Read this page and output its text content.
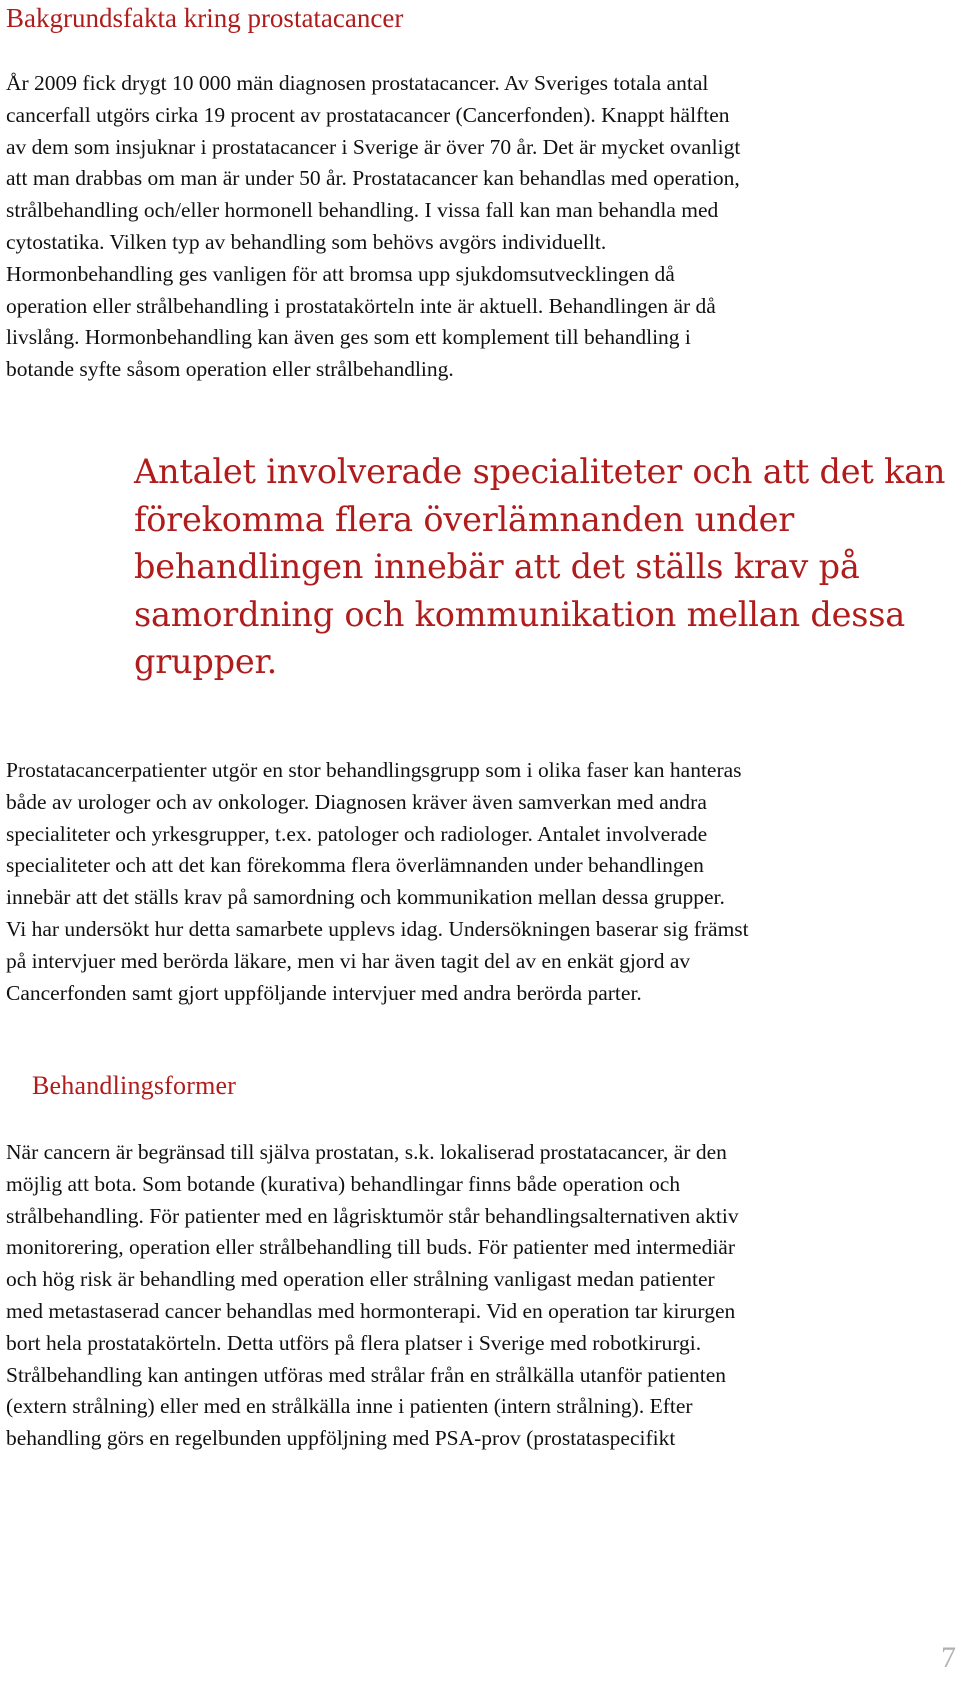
Bakgrundsfakta kring prostatacancer
År 2009 fick drygt 10 000 män diagnosen prostatacancer. Av Sveriges totala antal
cancerfall utgörs cirka 19 procent av prostatacancer (Cancerfonden). Knappt hälften
av dem som insjuknar i prostatacancer i Sverige är över 70 år. Det är mycket ovanligt
att man drabbas om man är under 50 år. Prostatacancer kan behandlas med operation,
strålbehandling och/eller hormonell behandling. I vissa fall kan man behandla med
cytostatika. Vilken typ av behandling som behövs avgörs individuellt.
Hormonbehandling ges vanligen för att bromsa upp sjukdomsutvecklingen då
operation eller strålbehandling i prostatakörteln inte är aktuell. Behandlingen är då
livslång. Hormonbehandling kan även ges som ett komplement till behandling i
botande syfte såsom operation eller strålbehandling.
Antalet involverade specialiteter och att det kan
förekomma flera överlämnanden under
behandlingen innebär att det ställs krav på
samordning och kommunikation mellan dessa
grupper.
Prostatacancerpatienter utgör en stor behandlingsgrupp som i olika faser kan hanteras
både av urologer och av onkologer. Diagnosen kräver även samverkan med andra
specialiteter och yrkesgrupper, t.ex. patologer och radiologer. Antalet involverade
specialiteter och att det kan förekomma flera överlämnanden under behandlingen
innebär att det ställs krav på samordning och kommunikation mellan dessa grupper.
Vi har undersökt hur detta samarbete upplevs idag. Undersökningen baserar sig främst
på intervjuer med berörda läkare, men vi har även tagit del av en enkät gjord av
Cancerfonden samt gjort uppföljande intervjuer med andra berörda parter.
Behandlingsformer
När cancern är begränsad till själva prostatan, s.k. lokaliserad prostatacancer, är den
möjlig att bota. Som botande (kurativa) behandlingar finns både operation och
strålbehandling. För patienter med en lågrisktumör står behandlingsalternativen aktiv
monitorering, operation eller strålbehandling till buds. För patienter med intermediär
och hög risk är behandling med operation eller strålning vanligast medan patienter
med metastaserad cancer behandlas med hormonterapi. Vid en operation tar kirurgen
bort hela prostatakörteln. Detta utförs på flera platser i Sverige med robotkirurgi.
Strålbehandling kan antingen utföras med strålar från en strålkälla utanför patienten
(extern strålning) eller med en strålkälla inne i patienten (intern strålning). Efter
behandling görs en regelbunden uppföljning med PSA-prov (prostataspecifikt
7
